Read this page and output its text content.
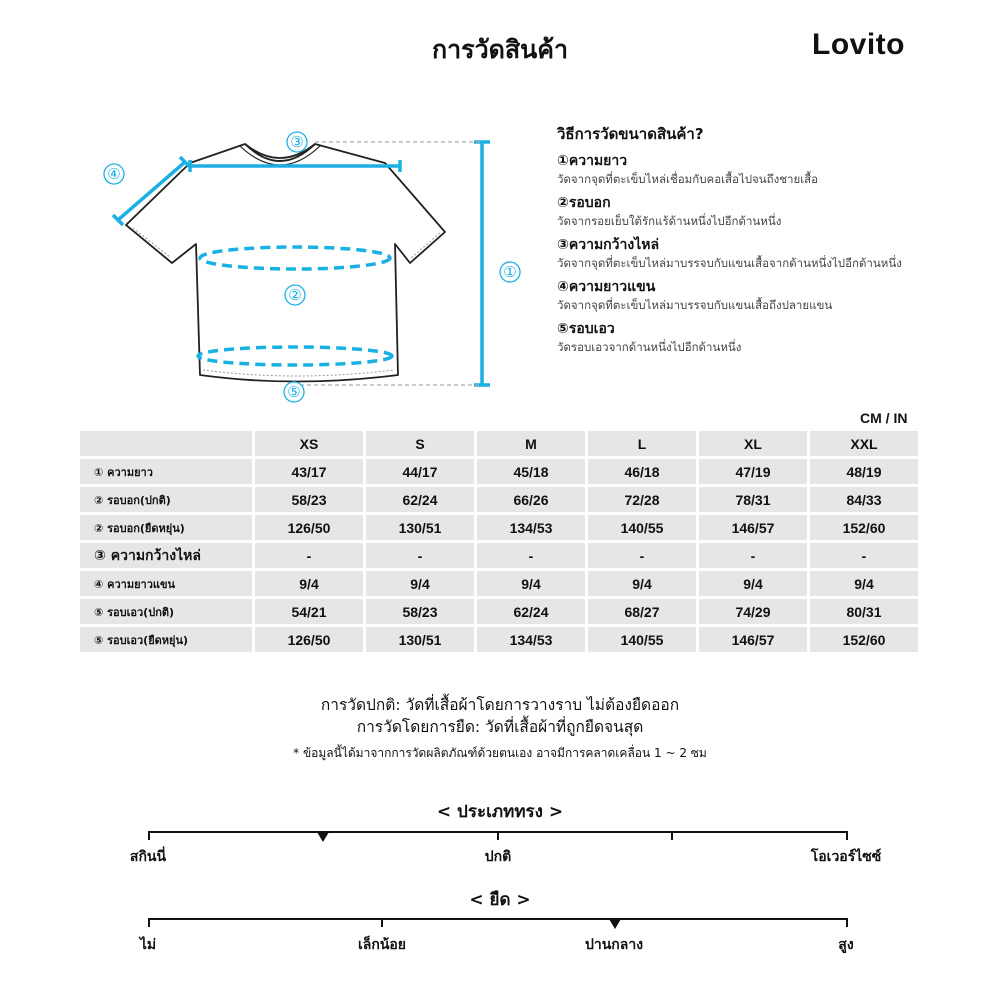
การวัดสินค้า	Lovito
①
②
③
④
⑤
วิธีการวัดขนาดสินค้า?
①ความยาว
วัดจากจุดที่ตะเข็บไหล่เชื่อมกับคอเสื้อไปจนถึงชายเสื้อ
②รอบอก
วัดจากรอยเย็บใต้รักแร้ด้านหนึ่งไปอีกด้านหนึ่ง
③ความกว้างไหล่
วัดจากจุดที่ตะเข็บไหล่มาบรรจบกับแขนเสื้อจากด้านหนึ่งไปอีกด้านหนึ่ง
④ความยาวแขน
วัดจากจุดที่ตะเข็บไหล่มาบรรจบกับแขนเสื้อถึงปลายแขน
⑤รอบเอว
วัดรอบเอวจากด้านหนึ่งไปอีกด้านหนึ่ง
CM / IN
	XS	S	M	L	XL	XXL
① ความยาว	43/17	44/17	45/18	46/18	47/19	48/19
② รอบอก(ปกติ)	58/23	62/24	66/26	72/28	78/31	84/33
② รอบอก(ยืดหยุ่น)	126/50	130/51	134/53	140/55	146/57	152/60
③ ความกว้างไหล่	-	-	-	-	-	-
④ ความยาวแขน	9/4	9/4	9/4	9/4	9/4	9/4
⑤ รอบเอว(ปกติ)	54/21	58/23	62/24	68/27	74/29	80/31
⑤ รอบเอว(ยืดหยุ่น)	126/50	130/51	134/53	140/55	146/57	152/60
การวัดปกติ: วัดที่เสื้อผ้าโดยการวางราบ ไม่ต้องยืดออก
การวัดโดยการยืด: วัดที่เสื้อผ้าที่ถูกยืดจนสุด
* ข้อมูลนี้ได้มาจากการวัดผลิตภัณฑ์ด้วยตนเอง อาจมีการคลาดเคลื่อน 1 ~ 2 ซม
< ประเภททรง >
สกินนี่	ปกติ	โอเวอร์ไซซ์
< ยืด >
ไม่	เล็กน้อย	ปานกลาง	สูง
